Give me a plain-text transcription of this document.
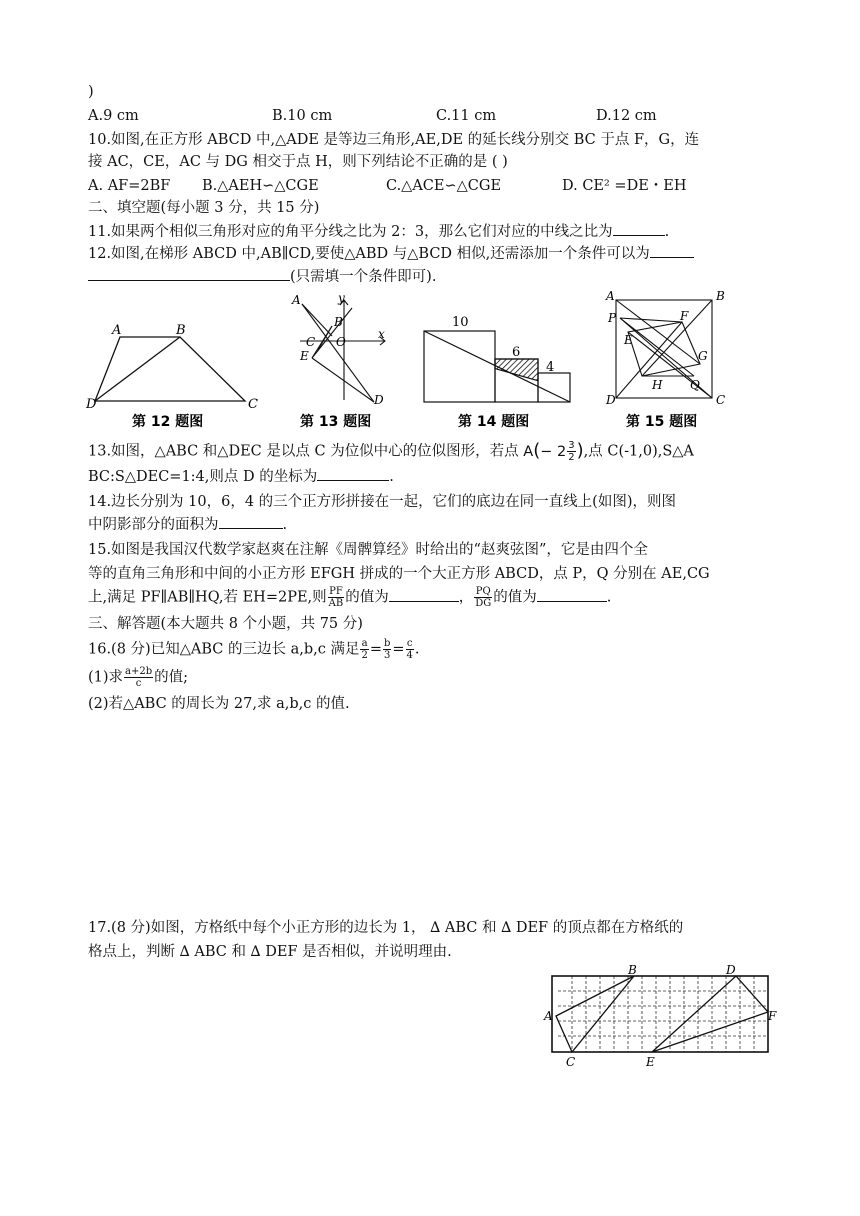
)
A.9 cm	B.10 cm	C.11 cm	D.12 cm
10.如图,在正方形 ABCD 中,△ADE 是等边三角形,AE,DE 的延长线分别交 BC 于点 F，G，连
接 AC，CE，AC 与 DG 相交于点 H，则下列结论不正确的是 ( )
A. AF=2BF B.△AEH∽△CGE	C.△ACE∽△CGE	D. CE² =DE・EH
二、填空题(每小题 3 分，共 15 分)
11.如果两个相似三角形对应的角平分线之比为 2：3，那么它们对应的中线之比为	.
12.如图,在梯形 ABCD 中,AB∥CD,要使△ABD 与△BCD 相似,还需添加一个条件可以为
(只需填一个条件即可).
A	B
D	C
第 12 题图
A	y
B
C O
x
E
D
第 13 题图
10
6
4
第 14 题图
A	B
P	F
E
G
H Q
D	C
第 15 题图
13.如图，△ABC 和△DEC 是以点 C 为位似中心的位似图形，若点 $A(- 2 \frac{3}{2}$ ),点 C(-1,0),S△A
BC:S△DEC=1:4,则点 D 的坐标为	.
14.边长分别为 10，6，4 的三个正方形拼接在一起，它们的底边在同一直线上(如图)，则图
中阴影部分的面积为	.
15.如图是我国汉代数学家赵爽在注解《周髀算经》时给出的“赵爽弦图”，它是由四个全
等的直角三角形和中间的小正方形 EFGH 拼成的一个大正方形 ABCD，点 P，Q 分别在 AE,CG
上,满足 PF∥AB∥HQ,若 EH=2PE,则 $\frac{PF}{AB}$ 的值为	， $\frac{PQ}{DG}$ 的值为	.
三、解答题(本大题共 8 个小题，共 75 分)
16.(8 分)已知△ABC 的三边长 a,b,c 满足 $\frac{a}{2} = \frac{b}{3} = \frac{c}{4}$ .
(1)求 $\frac{a+2b}{c}$ 的值;
(2)若△ABC 的周长为 27,求 a,b,c 的值.
17.(8 分)如图，方格纸中每个小正方形的边长为 1， ∆ ABC 和 ∆ DEF 的顶点都在方格纸的
格点上，判断 ∆ ABC 和 ∆ DEF 是否相似，并说明理由.
B	D
A	F
C	E
